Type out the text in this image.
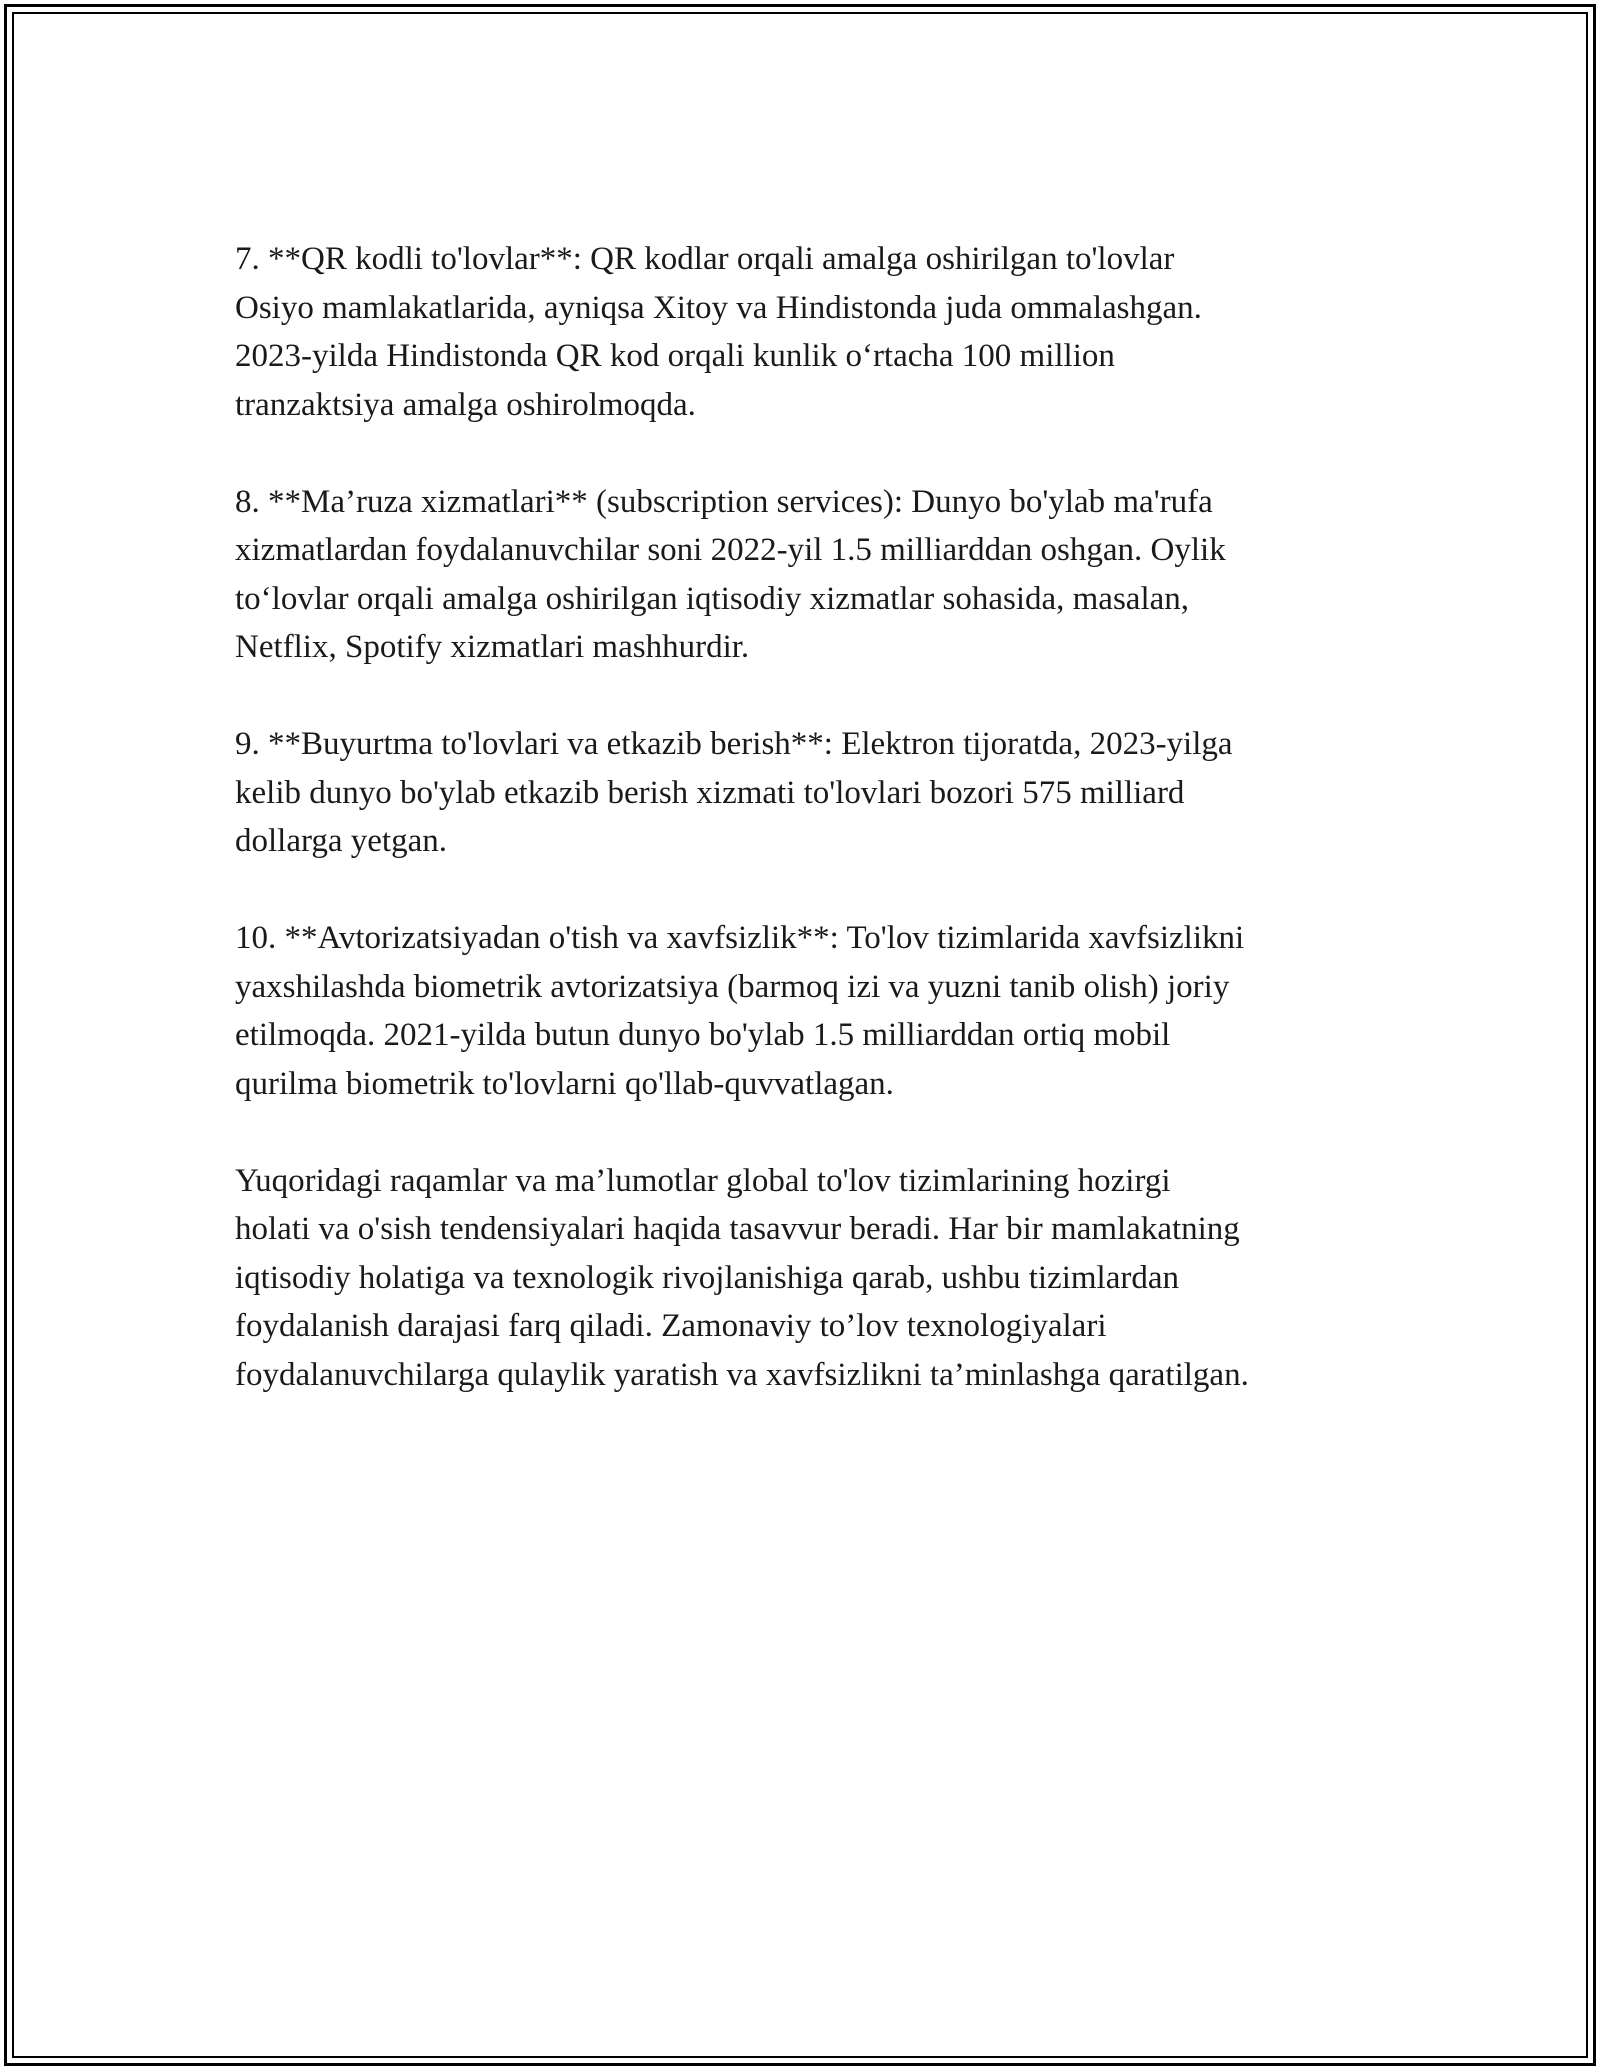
7. **QR kodli to'lovlar**: QR kodlar orqali amalga oshirilgan to'lovlar
Osiyo mamlakatlarida, ayniqsa Xitoy va Hindistonda juda ommalashgan.
2023-yilda Hindistonda QR kod orqali kunlik o‘rtacha 100 million
tranzaktsiya amalga oshirolmoqda.

8. **Ma’ruza xizmatlari** (subscription services): Dunyo bo'ylab ma'rufa
xizmatlardan foydalanuvchilar soni 2022-yil 1.5 milliarddan oshgan. Oylik
to‘lovlar orqali amalga oshirilgan iqtisodiy xizmatlar sohasida, masalan,
Netflix, Spotify xizmatlari mashhurdir.

9. **Buyurtma to'lovlari va etkazib berish**: Elektron tijoratda, 2023-yilga
kelib dunyo bo'ylab etkazib berish xizmati to'lovlari bozori 575 milliard
dollarga yetgan.

10. **Avtorizatsiyadan o'tish va xavfsizlik**: To'lov tizimlarida xavfsizlikni
yaxshilashda biometrik avtorizatsiya (barmoq izi va yuzni tanib olish) joriy
etilmoqda. 2021-yilda butun dunyo bo'ylab 1.5 milliarddan ortiq mobil
qurilma biometrik to'lovlarni qo'llab-quvvatlagan.

Yuqoridagi raqamlar va ma’lumotlar global to'lov tizimlarining hozirgi
holati va o'sish tendensiyalari haqida tasavvur beradi. Har bir mamlakatning
iqtisodiy holatiga va texnologik rivojlanishiga qarab, ushbu tizimlardan
foydalanish darajasi farq qiladi. Zamonaviy to’lov texnologiyalari
foydalanuvchilarga qulaylik yaratish va xavfsizlikni ta’minlashga qaratilgan.
